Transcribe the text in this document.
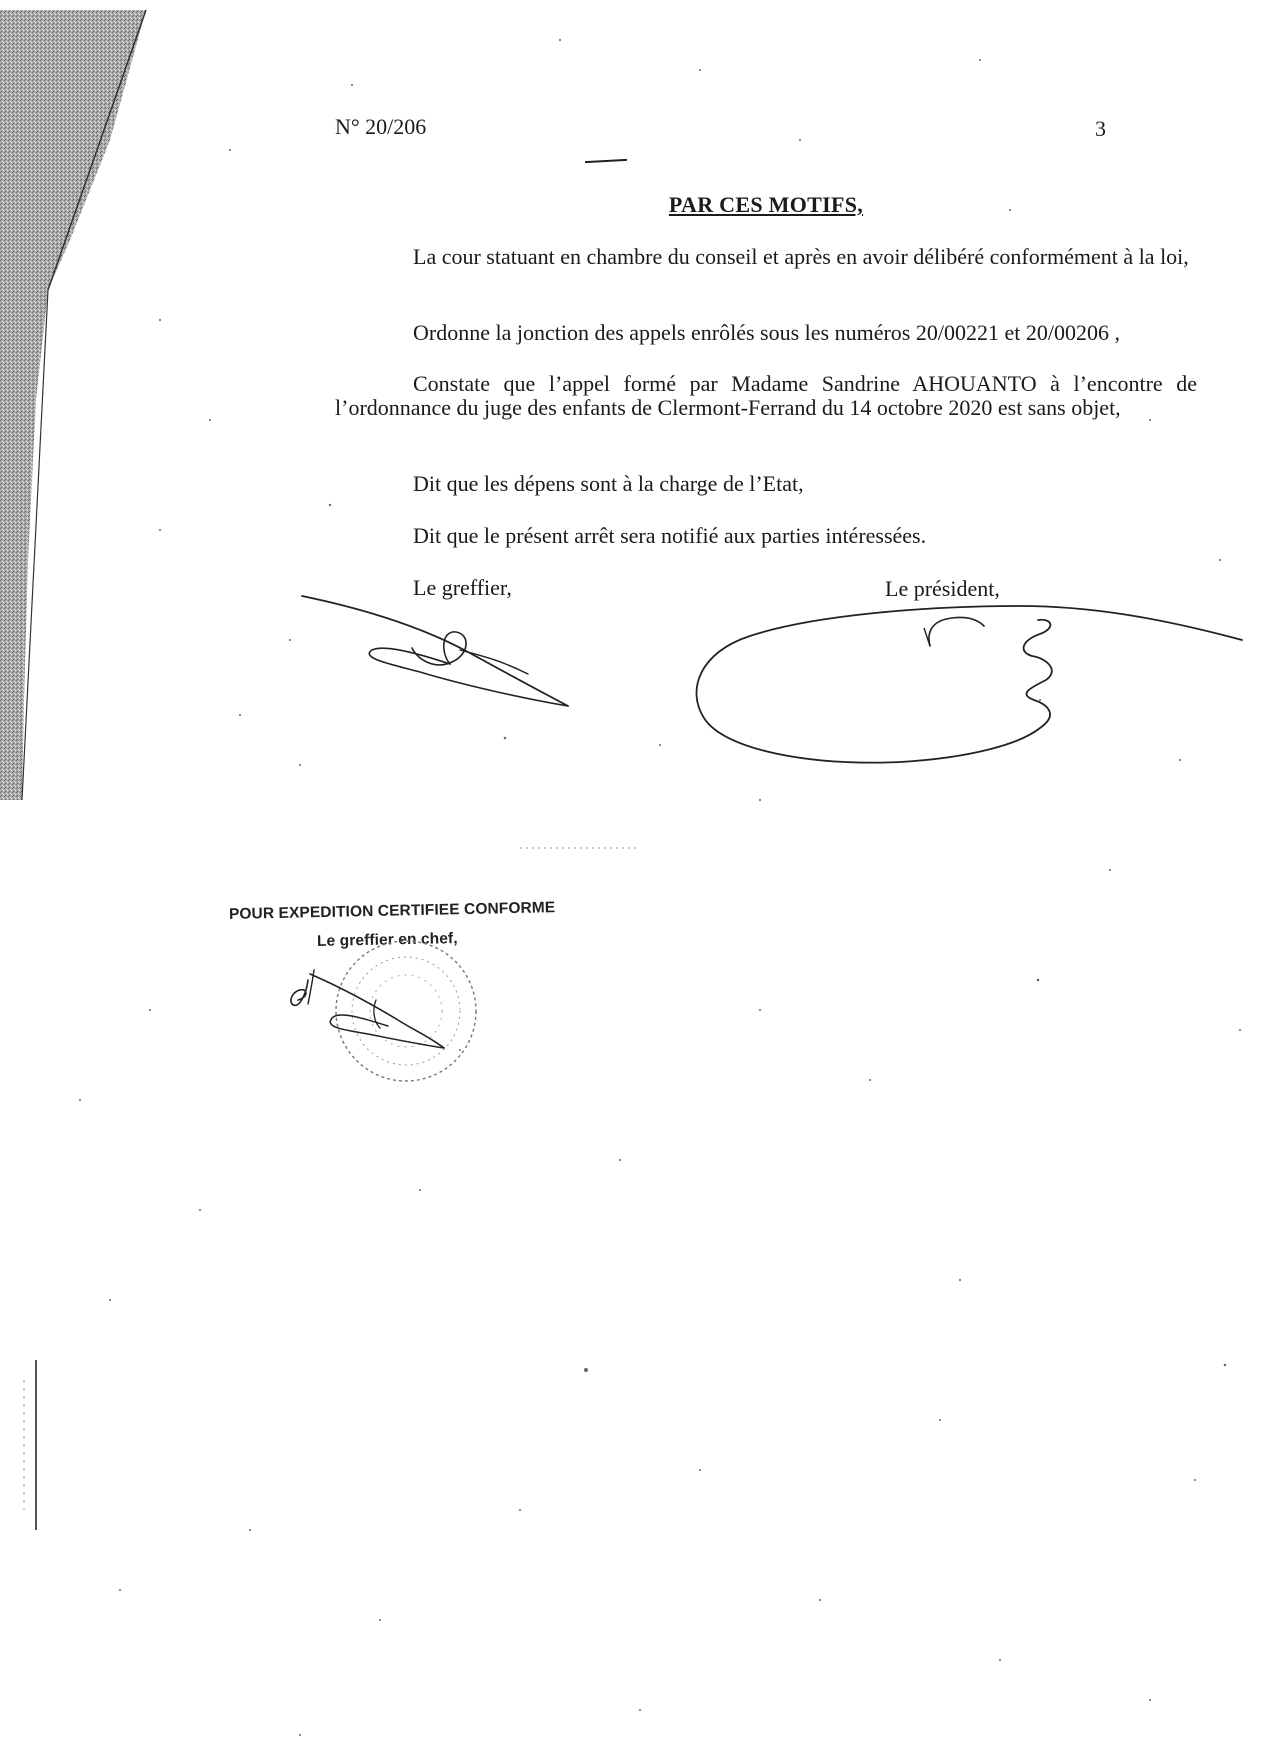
N° 20/206	3
PAR CES MOTIFS,

La cour statuant en chambre du conseil et après en avoir délibéré conformément à la loi,

Ordonne la jonction des appels enrôlés sous les numéros 20/00221 et 20/00206 ,

Constate que l’appel formé par Madame Sandrine AHOUANTO à l’encontre de l’ordonnance du juge des enfants de Clermont-Ferrand du 14 octobre 2020 est sans objet,

Dit que les dépens sont à la charge de l’Etat,

Dit que le présent arrêt sera notifié aux parties intéressées.

Le greffier,	Le président,
POUR EXPEDITION CERTIFIEE CONFORME
Le greffier en chef,
